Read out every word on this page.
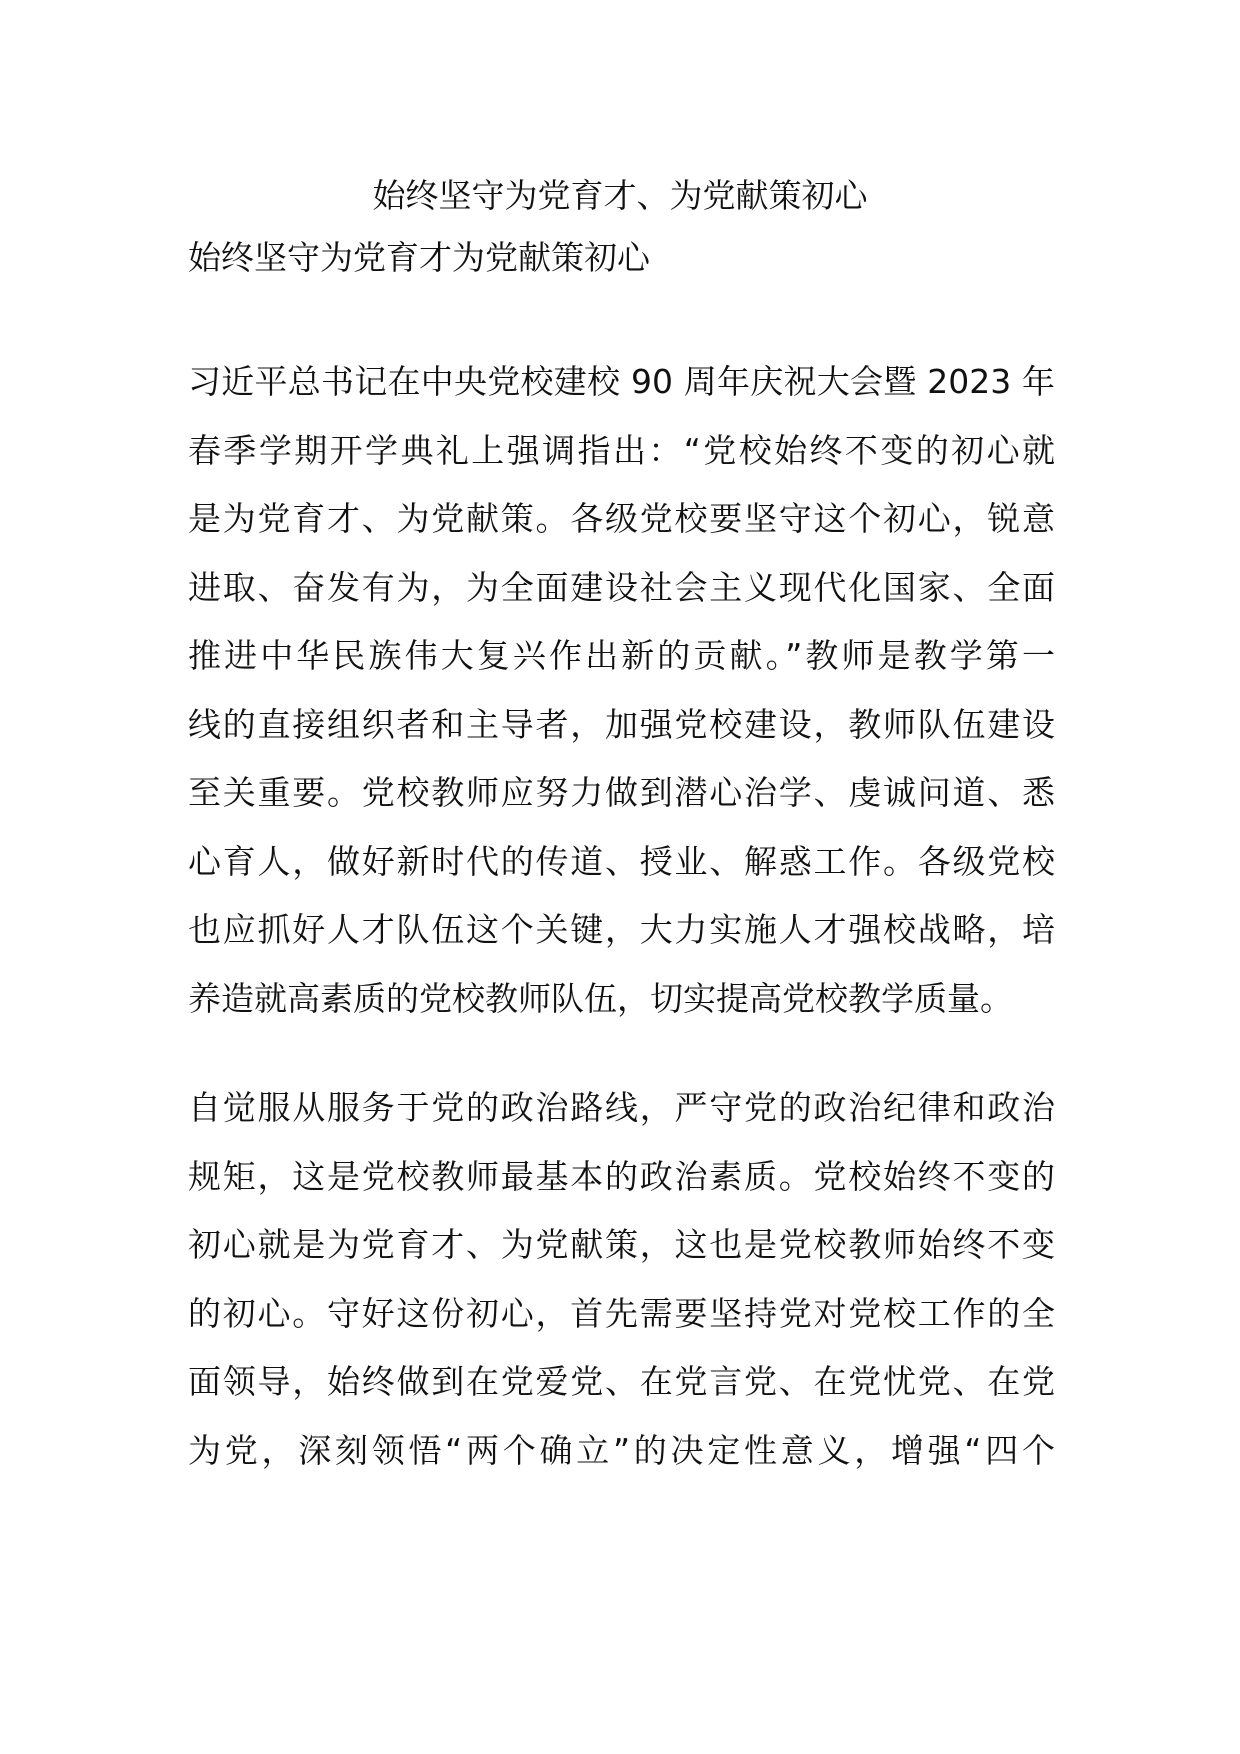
始终坚守为党育才、为党献策初心
始终坚守为党育才为党献策初心
习近平总书记在中央党校建校 90 周年庆祝大会暨 2023 年
春季学期开学典礼上强调指出：“党校始终不变的初心就
是为党育才、为党献策。各级党校要坚守这个初心，锐意
进取、奋发有为，为全面建设社会主义现代化国家、全面
推进中华民族伟大复兴作出新的贡献。”教师是教学第一
线的直接组织者和主导者，加强党校建设，教师队伍建设
至关重要。党校教师应努力做到潜心治学、虔诚问道、悉
心育人，做好新时代的传道、授业、解惑工作。各级党校
也应抓好人才队伍这个关键，大力实施人才强校战略，培
养造就高素质的党校教师队伍，切实提高党校教学质量。
自觉服从服务于党的政治路线，严守党的政治纪律和政治
规矩，这是党校教师最基本的政治素质。党校始终不变的
初心就是为党育才、为党献策，这也是党校教师始终不变
的初心。守好这份初心，首先需要坚持党对党校工作的全
面领导，始终做到在党爱党、在党言党、在党忧党、在党
为党，深刻领悟“两个确立”的决定性意义，增强“四个
